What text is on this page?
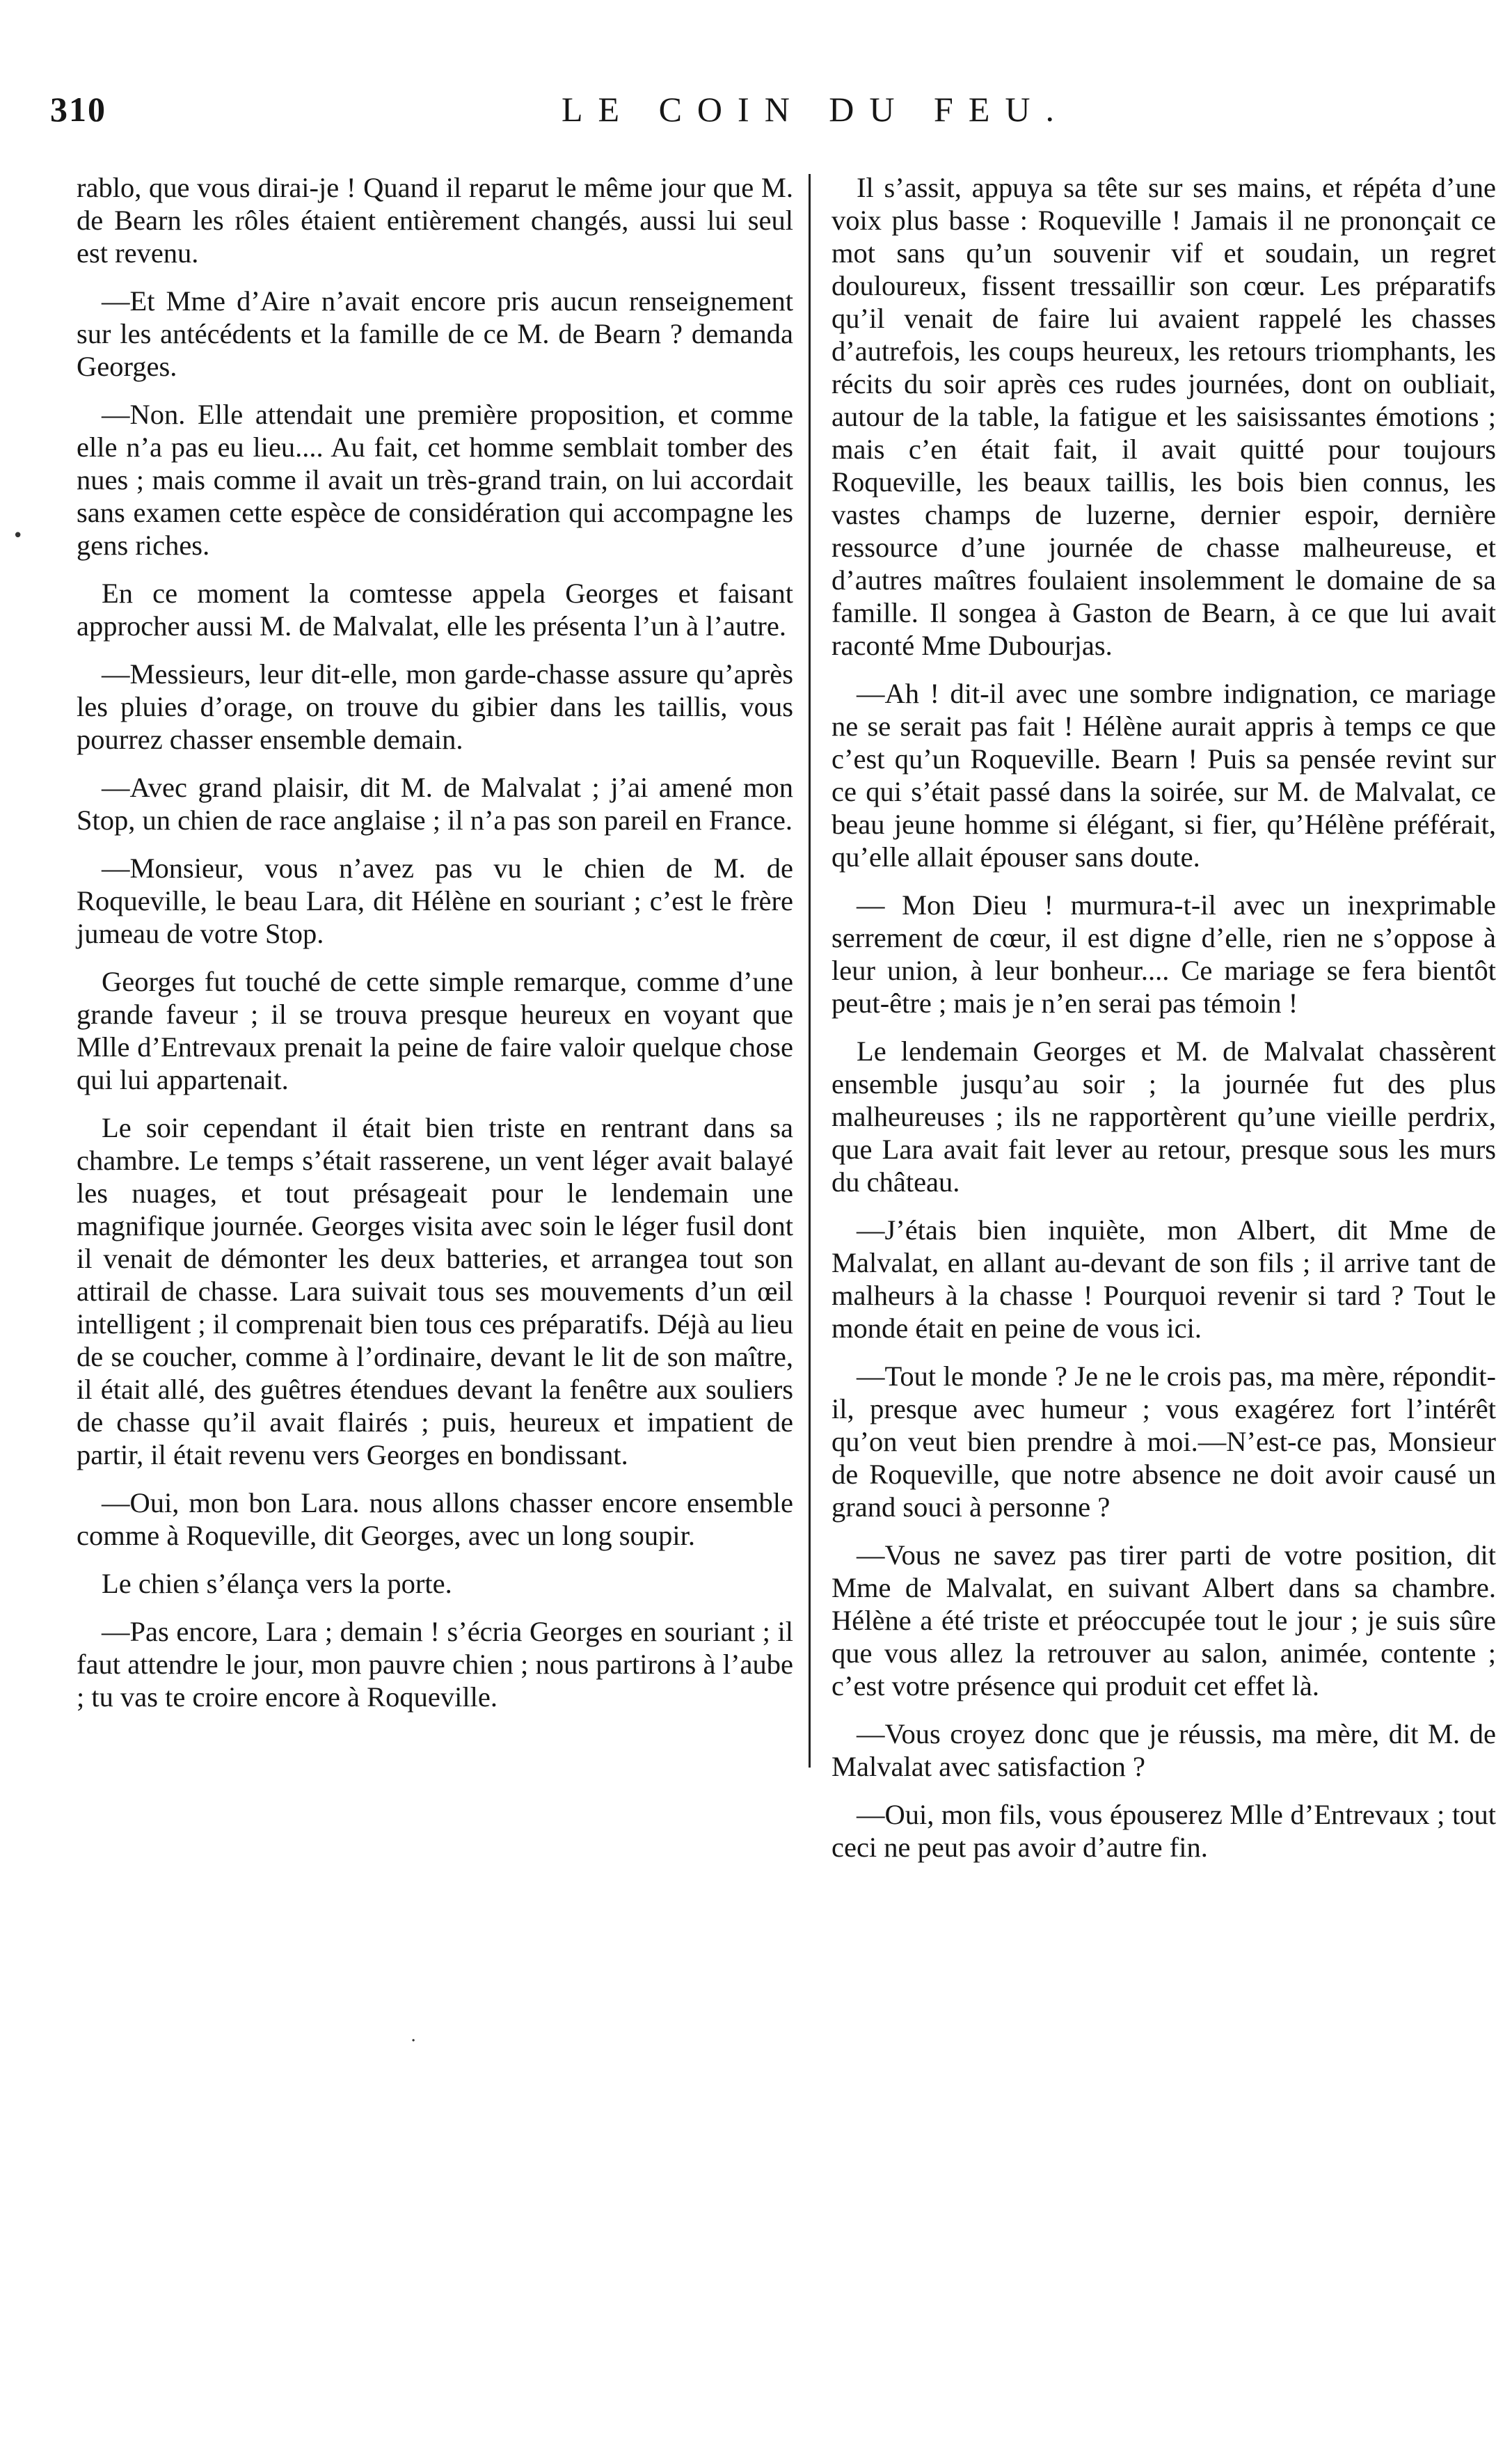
310	LE COIN DU FEU.

rablo, que vous dirai-je ! Quand il reparut le même jour que M. de Bearn les rôles étaient entièrement changés, aussi lui seul est revenu.

—Et Mme d’Aire n’avait encore pris aucun renseignement sur les antécédents et la famille de ce M. de Bearn ? demanda Georges.

—Non. Elle attendait une première proposition, et comme elle n’a pas eu lieu.... Au fait, cet homme semblait tomber des nues ; mais comme il avait un très-grand train, on lui accordait sans examen cette espèce de considération qui accompagne les gens riches.

En ce moment la comtesse appela Georges et faisant approcher aussi M. de Malvalat, elle les présenta l’un à l’autre.

—Messieurs, leur dit-elle, mon garde-chasse assure qu’après les pluies d’orage, on trouve du gibier dans les taillis, vous pourrez chasser ensemble demain.

—Avec grand plaisir, dit M. de Malvalat ; j’ai amené mon Stop, un chien de race anglaise ; il n’a pas son pareil en France.

—Monsieur, vous n’avez pas vu le chien de M. de Roqueville, le beau Lara, dit Hélène en souriant ; c’est le frère jumeau de votre Stop.

Georges fut touché de cette simple remarque, comme d’une grande faveur ; il se trouva presque heureux en voyant que Mlle d’Entrevaux prenait la peine de faire valoir quelque chose qui lui appartenait.

Le soir cependant il était bien triste en rentrant dans sa chambre. Le temps s’était rasserene, un vent léger avait balayé les nuages, et tout présageait pour le lendemain une magnifique journée. Georges visita avec soin le léger fusil dont il venait de démonter les deux batteries, et arrangea tout son attirail de chasse. Lara suivait tous ses mouvements d’un œil intelligent ; il comprenait bien tous ces préparatifs. Déjà au lieu de se coucher, comme à l’ordinaire, devant le lit de son maître, il était allé, des guêtres étendues devant la fenêtre aux souliers de chasse qu’il avait flairés ; puis, heureux et impatient de partir, il était revenu vers Georges en bondissant.

—Oui, mon bon Lara. nous allons chasser encore ensemble comme à Roqueville, dit Georges, avec un long soupir.

Le chien s’élança vers la porte.

—Pas encore, Lara ; demain ! s’écria Georges en souriant ; il faut attendre le jour, mon pauvre chien ; nous partirons à l’aube ; tu vas te croire encore à Roqueville.

Il s’assit, appuya sa tête sur ses mains, et répéta d’une voix plus basse : Roqueville ! Jamais il ne prononçait ce mot sans qu’un souvenir vif et soudain, un regret douloureux, fissent tressaillir son cœur. Les préparatifs qu’il venait de faire lui avaient rappelé les chasses d’autrefois, les coups heureux, les retours triomphants, les récits du soir après ces rudes journées, dont on oubliait, autour de la table, la fatigue et les saisissantes émotions ; mais c’en était fait, il avait quitté pour toujours Roqueville, les beaux taillis, les bois bien connus, les vastes champs de luzerne, dernier espoir, dernière ressource d’une journée de chasse malheureuse, et d’autres maîtres foulaient insolemment le domaine de sa famille. Il songea à Gaston de Bearn, à ce que lui avait raconté Mme Dubourjas.

—Ah ! dit-il avec une sombre indignation, ce mariage ne se serait pas fait ! Hélène aurait appris à temps ce que c’est qu’un Roqueville. Bearn ! Puis sa pensée revint sur ce qui s’était passé dans la soirée, sur M. de Malvalat, ce beau jeune homme si élégant, si fier, qu’Hélène préférait, qu’elle allait épouser sans doute.

— Mon Dieu ! murmura-t-il avec un inexprimable serrement de cœur, il est digne d’elle, rien ne s’oppose à leur union, à leur bonheur.... Ce mariage se fera bientôt peut-être ; mais je n’en serai pas témoin !

Le lendemain Georges et M. de Malvalat chassèrent ensemble jusqu’au soir ; la journée fut des plus malheureuses ; ils ne rapportèrent qu’une vieille perdrix, que Lara avait fait lever au retour, presque sous les murs du château.

—J’étais bien inquiète, mon Albert, dit Mme de Malvalat, en allant au-devant de son fils ; il arrive tant de malheurs à la chasse ! Pourquoi revenir si tard ? Tout le monde était en peine de vous ici.

—Tout le monde ? Je ne le crois pas, ma mère, répondit-il, presque avec humeur ; vous exagérez fort l’intérêt qu’on veut bien prendre à moi.—N’est-ce pas, Monsieur de Roqueville, que notre absence ne doit avoir causé un grand souci à personne ?

—Vous ne savez pas tirer parti de votre position, dit Mme de Malvalat, en suivant Albert dans sa chambre. Hélène a été triste et préoccupée tout le jour ; je suis sûre que vous allez la retrouver au salon, animée, contente ; c’est votre présence qui produit cet effet là.

—Vous croyez donc que je réussis, ma mère, dit M. de Malvalat avec satisfaction ?

—Oui, mon fils, vous épouserez Mlle d’Entrevaux ; tout ceci ne peut pas avoir d’autre fin.

•
·
